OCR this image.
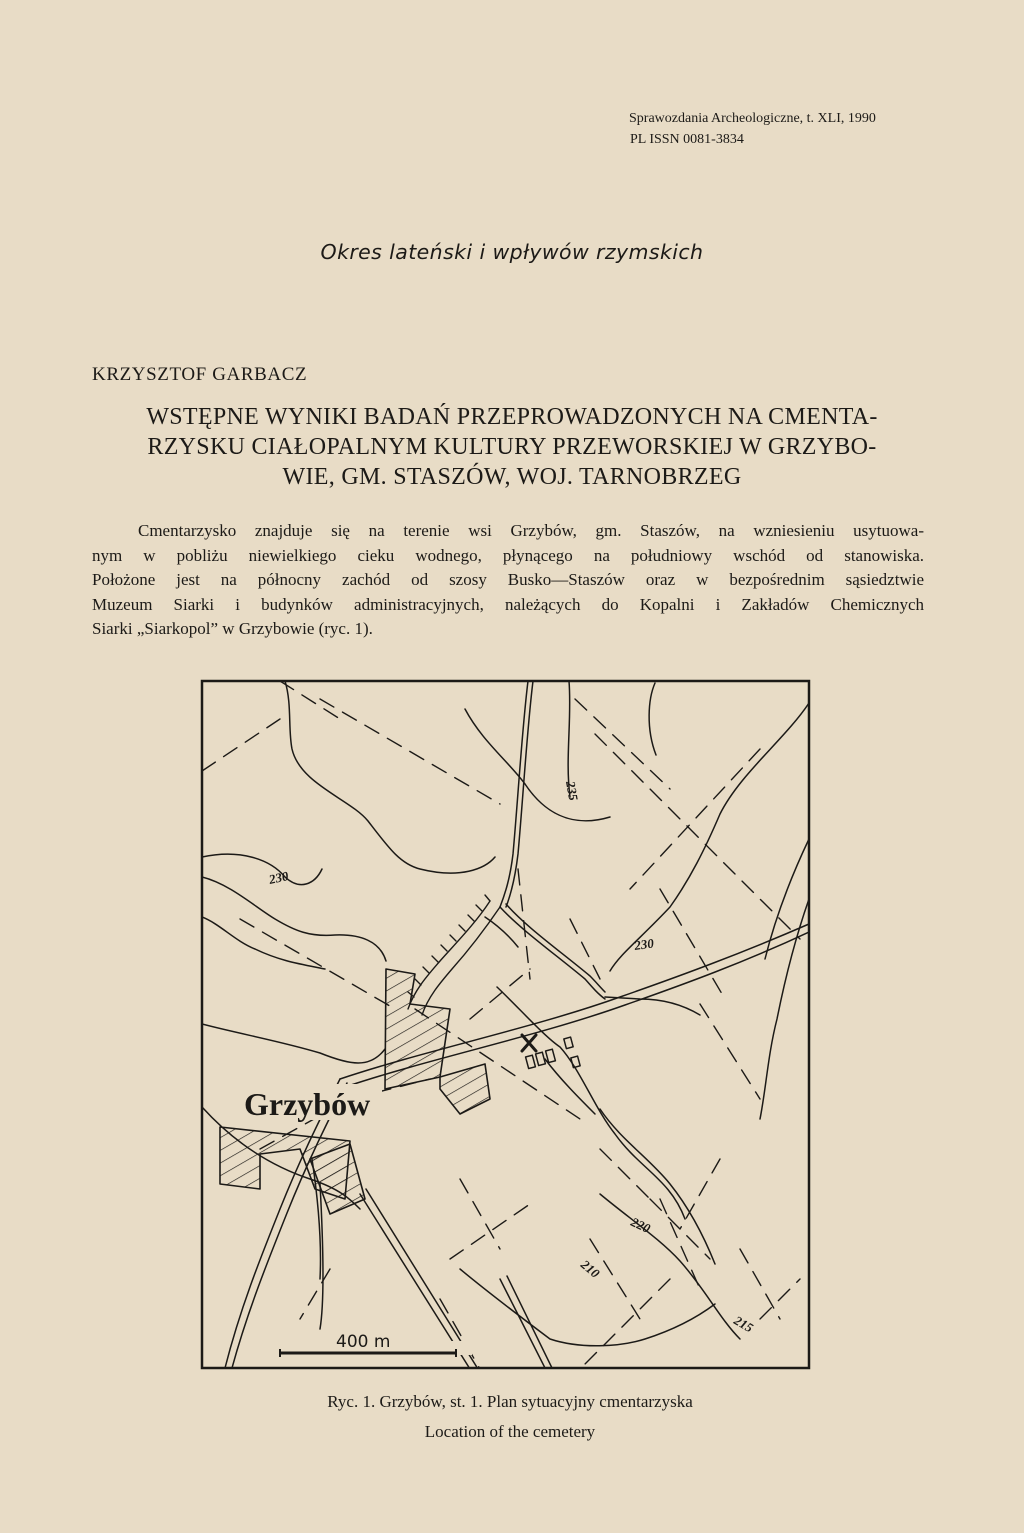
Sprawozdania Archeologiczne, t. XLI, 1990
PL ISSN 0081-3834
Okres lateński i wpływów rzymskich
KRZYSZTOF GARBACZ
WSTĘPNE WYNIKI BADAŃ PRZEPROWADZONYCH NA CMENTA-
RZYSKU CIAŁOPALNYM KULTURY PRZEWORSKIEJ W GRZYBO-
WIE, GM. STASZÓW, WOJ. TARNOBRZEG
Cmentarzysko znajduje się na terenie wsi Grzybów, gm. Staszów, na wzniesieniu usytuowa-
nym w pobliżu niewielkiego cieku wodnego, płynącego na południowy wschód od stanowiska.
Położone jest na północny zachód od szosy Busko—Staszów oraz w bezpośrednim sąsiedztwie
Muzeum Siarki i budynków administracyjnych, należących do Kopalni i Zakładów Chemicznych
Siarki „Siarkopol” w Grzybowie (ryc. 1).
Grzybów
230
235
230
220
210
215
400 m
Ryc. 1. Grzybów, st. 1. Plan sytuacyjny cmentarzyska
Location of the cemetery
